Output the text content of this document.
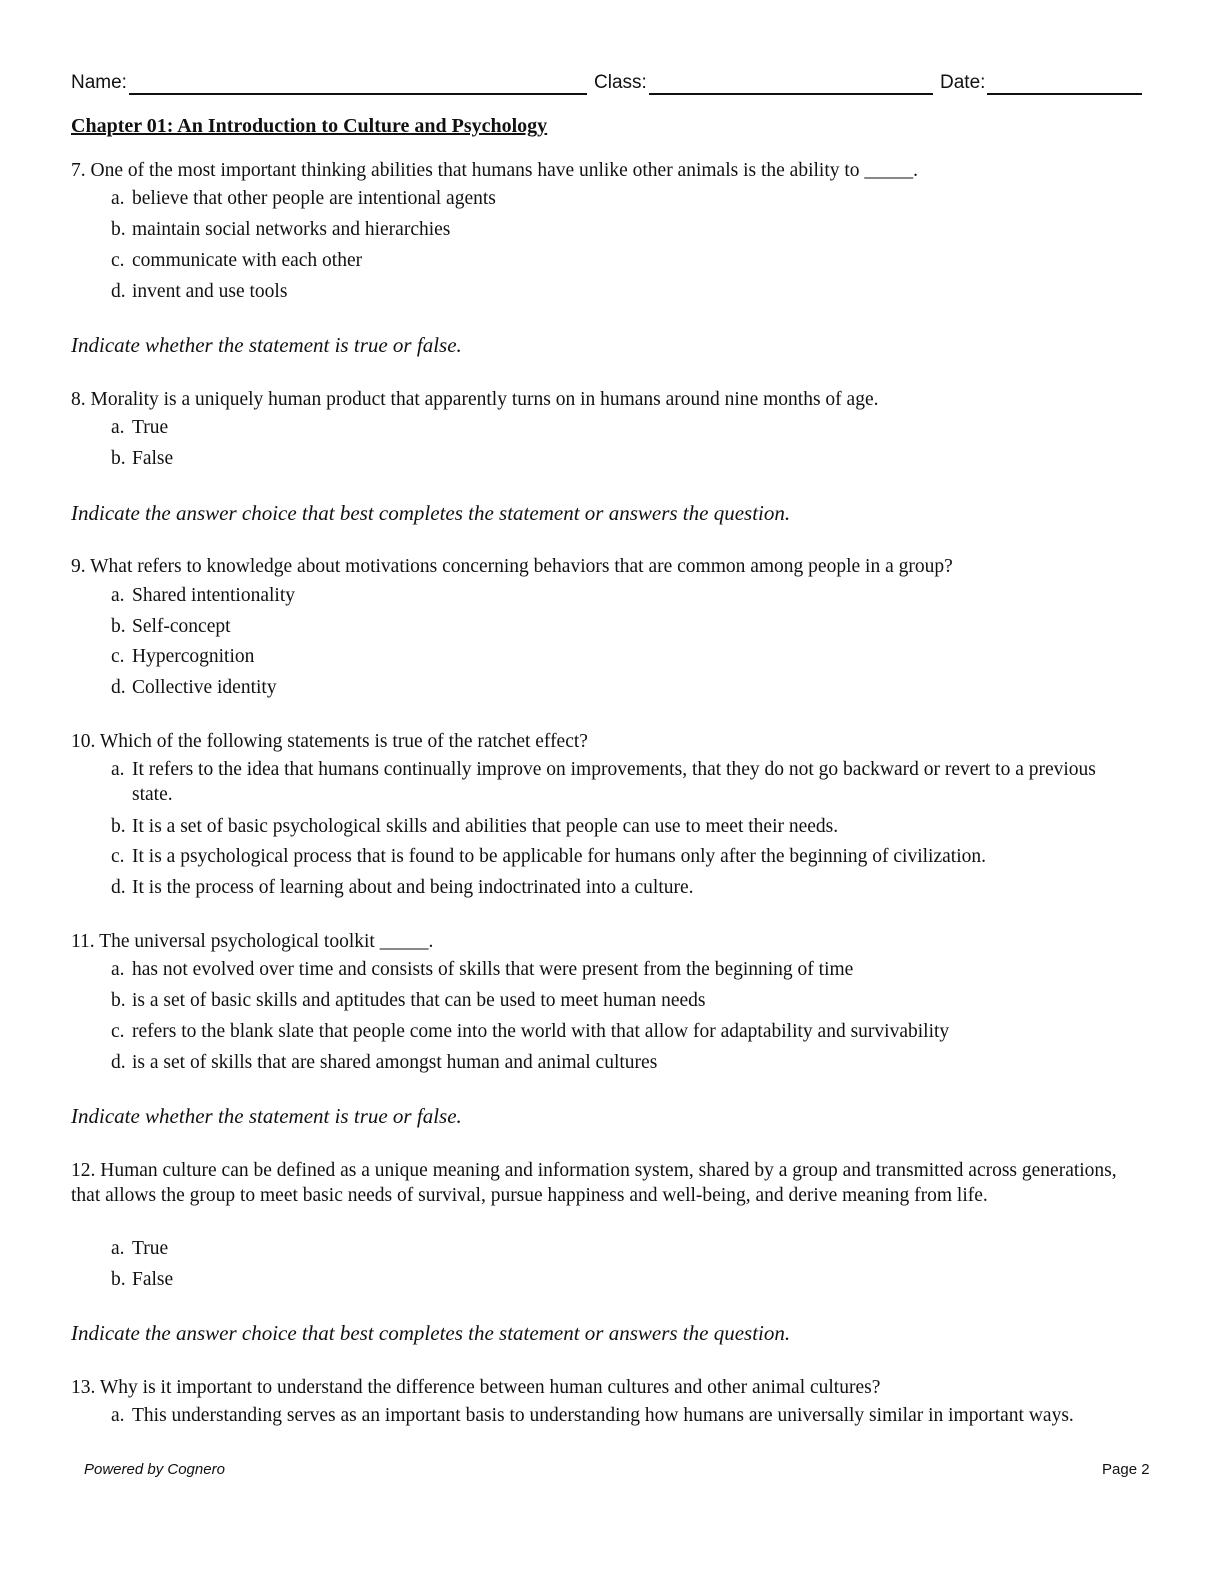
Name:	Class:	Date:
Chapter 01: An Introduction to Culture and Psychology
7. One of the most important thinking abilities that humans have unlike other animals is the ability to _____.
a. believe that other people are intentional agents
b. maintain social networks and hierarchies
c. communicate with each other
d. invent and use tools
Indicate whether the statement is true or false.
8. Morality is a uniquely human product that apparently turns on in humans around nine months of age.
a. True
b. False
Indicate the answer choice that best completes the statement or answers the question.
9. What refers to knowledge about motivations concerning behaviors that are common among people in a group?
a. Shared intentionality
b. Self-concept
c. Hypercognition
d. Collective identity
10. Which of the following statements is true of the ratchet effect?
a. It refers to the idea that humans continually improve on improvements, that they do not go backward or revert to a previous state.
b. It is a set of basic psychological skills and abilities that people can use to meet their needs.
c. It is a psychological process that is found to be applicable for humans only after the beginning of civilization.
d. It is the process of learning about and being indoctrinated into a culture.
11. The universal psychological toolkit _____.
a. has not evolved over time and consists of skills that were present from the beginning of time
b. is a set of basic skills and aptitudes that can be used to meet human needs
c. refers to the blank slate that people come into the world with that allow for adaptability and survivability
d. is a set of skills that are shared amongst human and animal cultures
Indicate whether the statement is true or false.
12. Human culture can be defined as a unique meaning and information system, shared by a group and transmitted across generations, that allows the group to meet basic needs of survival, pursue happiness and well-being, and derive meaning from life.
a. True
b. False
Indicate the answer choice that best completes the statement or answers the question.
13. Why is it important to understand the difference between human cultures and other animal cultures?
a. This understanding serves as an important basis to understanding how humans are universally similar in important ways.
Powered by Cognero	Page 2
